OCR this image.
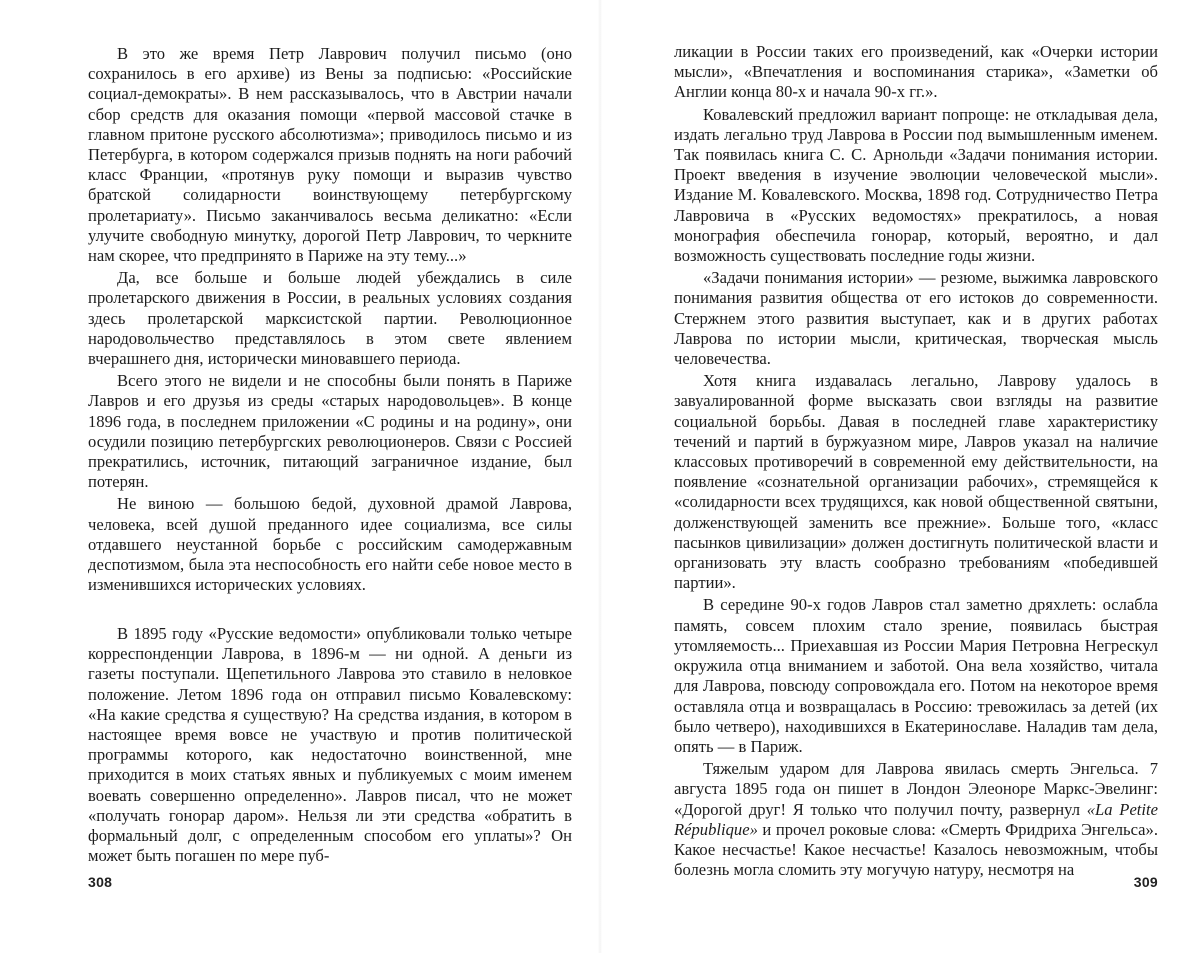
В это же время Петр Лаврович получил письмо (оно сохранилось в его архиве) из Вены за подписью: «Российские социал-демократы». В нем рассказывалось, что в Австрии начали сбор средств для оказания помощи «первой массовой стачке в главном притоне русского абсолютизма»; приводилось письмо и из Петербурга, в котором содержался призыв поднять на ноги рабочий класс Франции, «протянув руку помощи и выразив чувство братской солидарности воинствующему петербургскому пролетариату». Письмо заканчивалось весьма деликатно: «Если улучите свободную минутку, дорогой Петр Лаврович, то черкните нам скорее, что предпринято в Париже на эту тему...»

Да, все больше и больше людей убеждались в силе пролетарского движения в России, в реальных условиях создания здесь пролетарской марксистской партии. Революционное народовольчество представлялось в этом свете явлением вчерашнего дня, исторически миновавшего периода.

Всего этого не видели и не способны были понять в Париже Лавров и его друзья из среды «старых народовольцев». В конце 1896 года, в последнем приложении «С родины и на родину», они осудили позицию петербургских революционеров. Связи с Россией прекратились, источник, питающий заграничное издание, был потерян.

Не виною — большою бедой, духовной драмой Лаврова, человека, всей душой преданного идее социализма, все силы отдавшего неустанной борьбе с российским самодержавным деспотизмом, была эта неспособность его найти себе новое место в изменившихся исторических условиях.

В 1895 году «Русские ведомости» опубликовали только четыре корреспонденции Лаврова, в 1896-м — ни одной. А деньги из газеты поступали. Щепетильного Лаврова это ставило в неловкое положение. Летом 1896 года он отправил письмо Ковалевскому: «На какие средства я существую? На средства издания, в котором в настоящее время вовсе не участвую и против политической программы которого, как недостаточно воинственной, мне приходится в моих статьях явных и публикуемых с моим именем воевать совершенно определенно». Лавров писал, что не может «получать гонорар даром». Нельзя ли эти средства «обратить в формальный долг, с определенным способом его уплаты»? Он может быть погашен по мере пуб-

308

ликации в России таких его произведений, как «Очерки истории мысли», «Впечатления и воспоминания старика», «Заметки об Англии конца 80-х и начала 90-х гг.».

Ковалевский предложил вариант попроще: не откладывая дела, издать легально труд Лаврова в России под вымышленным именем. Так появилась книга С. С. Арнольди «Задачи понимания истории. Проект введения в изучение эволюции человеческой мысли». Издание М. Ковалевского. Москва, 1898 год. Сотрудничество Петра Лавровича в «Русских ведомостях» прекратилось, а новая монография обеспечила гонорар, который, вероятно, и дал возможность существовать последние годы жизни.

«Задачи понимания истории» — резюме, выжимка лавровского понимания развития общества от его истоков до современности. Стержнем этого развития выступает, как и в других работах Лаврова по истории мысли, критическая, творческая мысль человечества.

Хотя книга издавалась легально, Лаврову удалось в завуалированной форме высказать свои взгляды на развитие социальной борьбы. Давая в последней главе характеристику течений и партий в буржуазном мире, Лавров указал на наличие классовых противоречий в современной ему действительности, на появление «сознательной организации рабочих», стремящейся к «солидарности всех трудящихся, как новой общественной святыни, долженствующей заменить все прежние». Больше того, «класс пасынков цивилизации» должен достигнуть политической власти и организовать эту власть сообразно требованиям «победившей партии».

В середине 90-х годов Лавров стал заметно дряхлеть: ослабла память, совсем плохим стало зрение, появилась быстрая утомляемость... Приехавшая из России Мария Петровна Негрескул окружила отца вниманием и заботой. Она вела хозяйство, читала для Лаврова, повсюду сопровождала его. Потом на некоторое время оставляла отца и возвращалась в Россию: тревожилась за детей (их было четверо), находившихся в Екатеринославе. Наладив там дела, опять — в Париж.

Тяжелым ударом для Лаврова явилась смерть Энгельса. 7 августа 1895 года он пишет в Лондон Элеоноре Маркс-Эвелинг: «Дорогой друг! Я только что получил почту, развернул «La Petite République» и прочел роковые слова: «Смерть Фридриха Энгельса». Какое несчастье! Какое несчастье! Казалось невозможным, чтобы болезнь могла сломить эту могучую натуру, несмотря на

309
